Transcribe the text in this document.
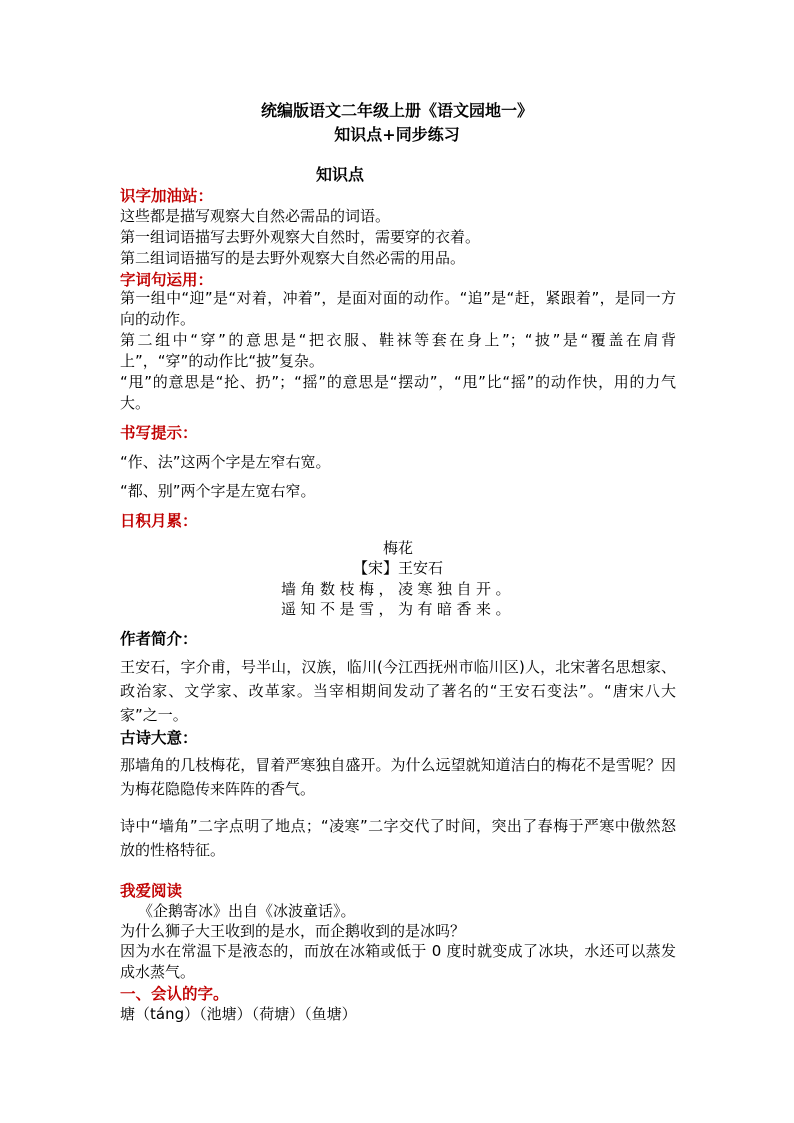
统编版语文二年级上册《语文园地一》
知识点+同步练习
知识点
识字加油站：
这些都是描写观察大自然必需品的词语。
第一组词语描写去野外观察大自然时，需要穿的衣着。
第二组词语描写的是去野外观察大自然必需的用品。
字词句运用：
第一组中“迎”是“对着，冲着”，是面对面的动作。“追”是“赶，紧跟着”，是同一方向的动作。
第二组中“穿”的意思是“把衣服、鞋袜等套在身上”；“披”是“覆盖在肩背上”，“穿”的动作比“披”复杂。
“甩”的意思是“抡、扔”；“摇”的意思是“摆动”，“甩”比“摇”的动作快，用的力气大。
书写提示：
“作、法”这两个字是左窄右宽。
“都、别”两个字是左宽右窄。
日积月累：
梅花
【宋】王安石
墙角数枝梅，凌寒独自开。
遥知不是雪，为有暗香来。
作者简介：
王安石，字介甫，号半山，汉族，临川(今江西抚州市临川区)人，北宋著名思想家、政治家、文学家、改革家。当宰相期间发动了著名的“王安石变法”。“唐宋八大家”之一。
古诗大意：
那墙角的几枝梅花，冒着严寒独自盛开。为什么远望就知道洁白的梅花不是雪呢？因为梅花隐隐传来阵阵的香气。
诗中“墙角”二字点明了地点；“凌寒”二字交代了时间，突出了春梅于严寒中傲然怒放的性格特征。
我爱阅读
《企鹅寄冰》出自《冰波童话》。
为什么狮子大王收到的是水，而企鹅收到的是冰吗？
因为水在常温下是液态的，而放在冰箱或低于 0 度时就变成了冰块，水还可以蒸发成水蒸气。
一、会认的字。
塘（táng）（池塘）（荷塘）（鱼塘）
